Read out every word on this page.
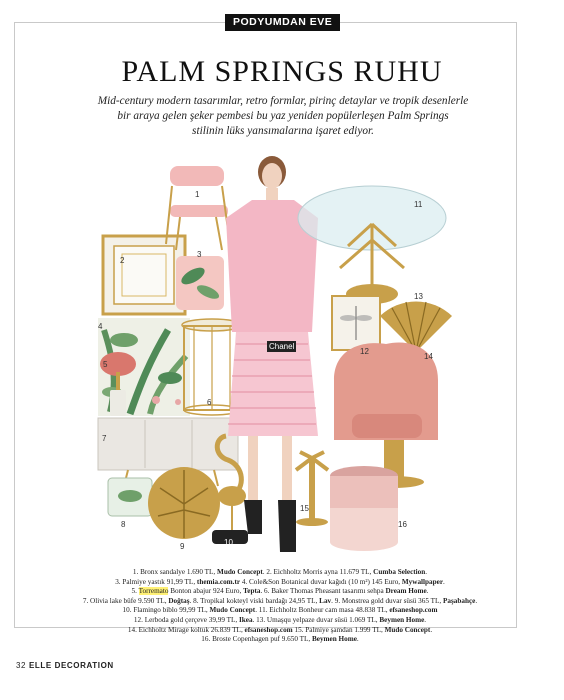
PODYUMDAN EVE
PALM SPRINGS RUHU

Mid-century modern tasarımlar, retro formlar, pirinç detaylar ve tropik desenlerle

bir araya gelen şeker pembesi bu yaz yeniden popülerleşen Palm Springs

stilinin lüks yansımalarına işaret ediyor.

1
2
3
4
5
6
7
8
9	10
11
12
13
14
15
16
Chanel
1. Bronx sandalye 1.690 TL, Mudo Concept. 2. Eichholtz Morris ayna 11.679 TL, Cumba Selection.
3. Palmiye yastık 91,99 TL, themia.com.tr 4. Cole&Son Botanical duvar kağıdı (10 m²) 145 Euro, Mywallpaper.
5. Torremato Bonton abajur 924 Euro, Tepta. 6. Baker Thomas Pheasant tasarımı sehpa Dream Home.
7. Olivia lake büfe 9.590 TL, Doğtaş. 8. Tropikal kokteyl viski bardağı 24,95 TL, Lav. 9. Monstrea gold duvar süsü 365 TL, Paşabahçe.
10. Flamingo biblo 99,99 TL, Mudo Concept. 11. Eichholtz Bonheur cam masa 48.838 TL, efsaneshop.com
12. Lerboda gold çerçeve 39,99 TL, Ikea. 13. Umaşqu yelpaze duvar süsü 1.069 TL, Beymen Home.
14. Eichholtz Mirage koltuk 26.839 TL, efsaneshop.com 15. Palmiye şamdan 1.999 TL, Mudo Concept.
16. Broste Copenhagen puf 9.650 TL, Beymen Home.
32 ELLE DECORATION
